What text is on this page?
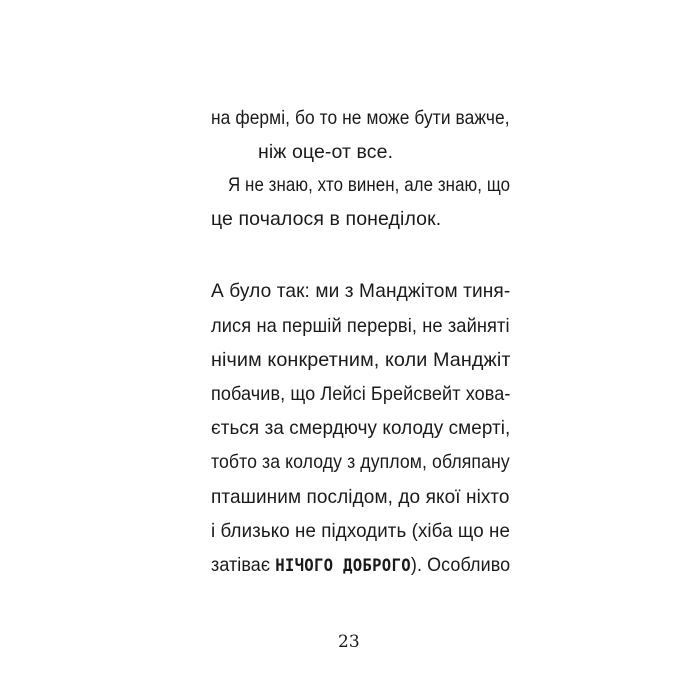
на фермі, бо то не може бути важче,
ніж оце-от все.
Я не знаю, хто винен, але знаю, що
це почалося в понеділок.
А було так: ми з Манджітом тиня-
лися на першій перерві, не зайняті
нічим конкретним, коли Манджіт
побачив, що Лейсі Брейсвейт хова-
ється за смердючу колоду смерті,
тобто за колоду з дуплом, обляпану
пташиним послідом, до якої ніхто
і близько не підходить (хіба що не
затіває НІЧОГО ДОБРОГО). Особливо
23
